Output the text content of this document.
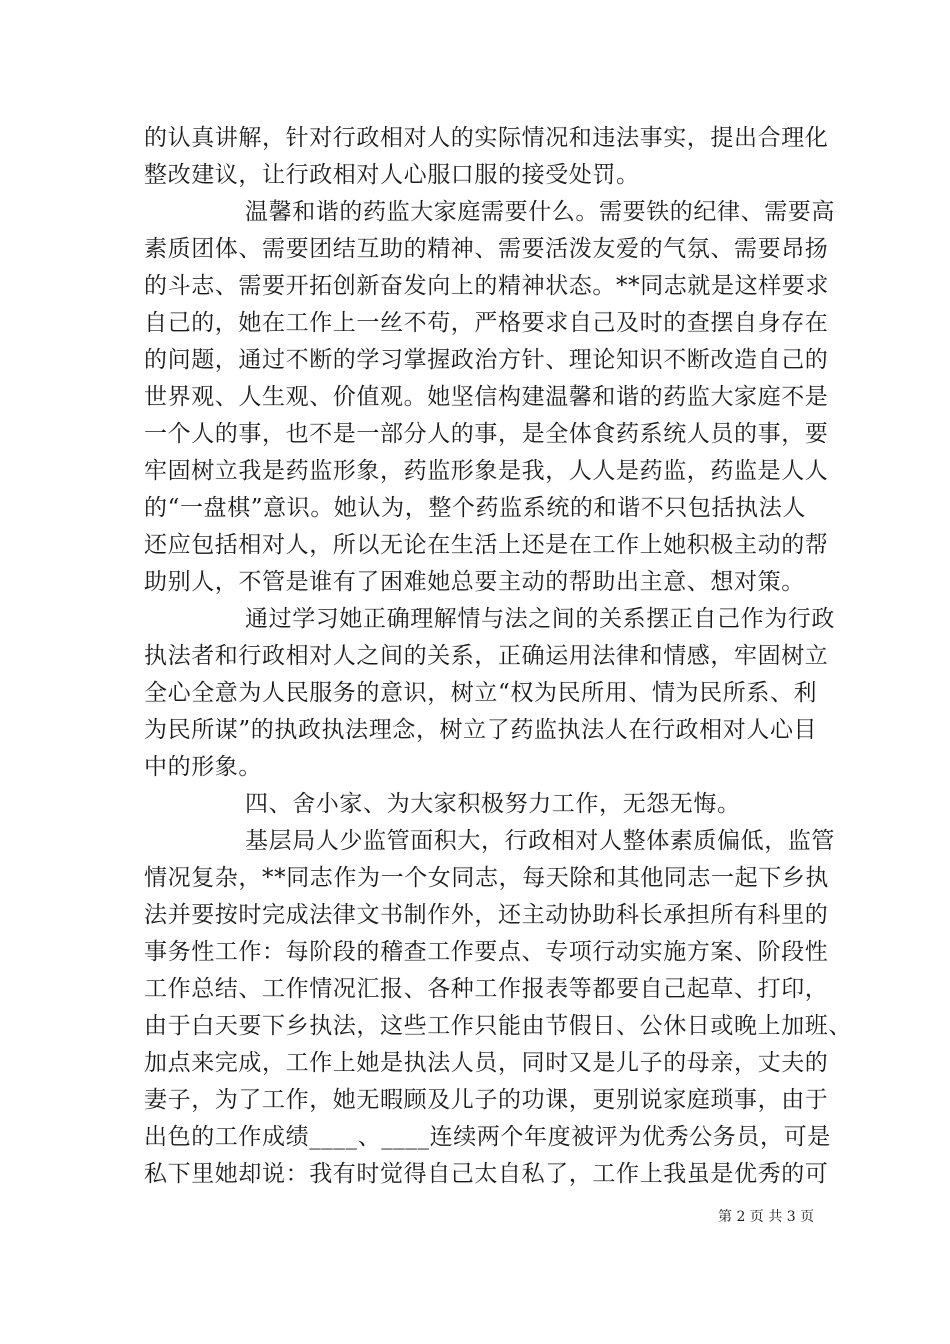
的认真讲解，针对行政相对人的实际情况和违法事实，提出合理化
整改建议，让行政相对人心服口服的接受处罚。
温馨和谐的药监大家庭需要什么。需要铁的纪律、需要高
素质团体、需要团结互助的精神、需要活泼友爱的气氛、需要昂扬
的斗志、需要开拓创新奋发向上的精神状态。**同志就是这样要求
自己的，她在工作上一丝不苟，严格要求自己及时的查摆自身存在
的问题，通过不断的学习掌握政治方针、理论知识不断改造自己的
世界观、人生观、价值观。她坚信构建温馨和谐的药监大家庭不是
一个人的事，也不是一部分人的事，是全体食药系统人员的事，要
牢固树立我是药监形象，药监形象是我，人人是药监，药监是人人
的“一盘棋”意识。她认为，整个药监系统的和谐不只包括执法人
还应包括相对人，所以无论在生活上还是在工作上她积极主动的帮
助别人，不管是谁有了困难她总要主动的帮助出主意、想对策。
通过学习她正确理解情与法之间的关系摆正自己作为行政
执法者和行政相对人之间的关系，正确运用法律和情感，牢固树立
全心全意为人民服务的意识，树立“权为民所用、情为民所系、利
为民所谋”的执政执法理念，树立了药监执法人在行政相对人心目
中的形象。
四、舍小家、为大家积极努力工作，无怨无悔。
基层局人少监管面积大，行政相对人整体素质偏低，监管
情况复杂，**同志作为一个女同志，每天除和其他同志一起下乡执
法并要按时完成法律文书制作外，还主动协助科长承担所有科里的
事务性工作：每阶段的稽查工作要点、专项行动实施方案、阶段性
工作总结、工作情况汇报、各种工作报表等都要自己起草、打印，
由于白天要下乡执法，这些工作只能由节假日、公休日或晚上加班、
加点来完成，工作上她是执法人员，同时又是儿子的母亲，丈夫的
妻子，为了工作，她无暇顾及儿子的功课，更别说家庭琐事，由于
出色的工作成绩____、____连续两个年度被评为优秀公务员，可是
私下里她却说：我有时觉得自己太自私了，工作上我虽是优秀的可
第 2 页 共 3 页
